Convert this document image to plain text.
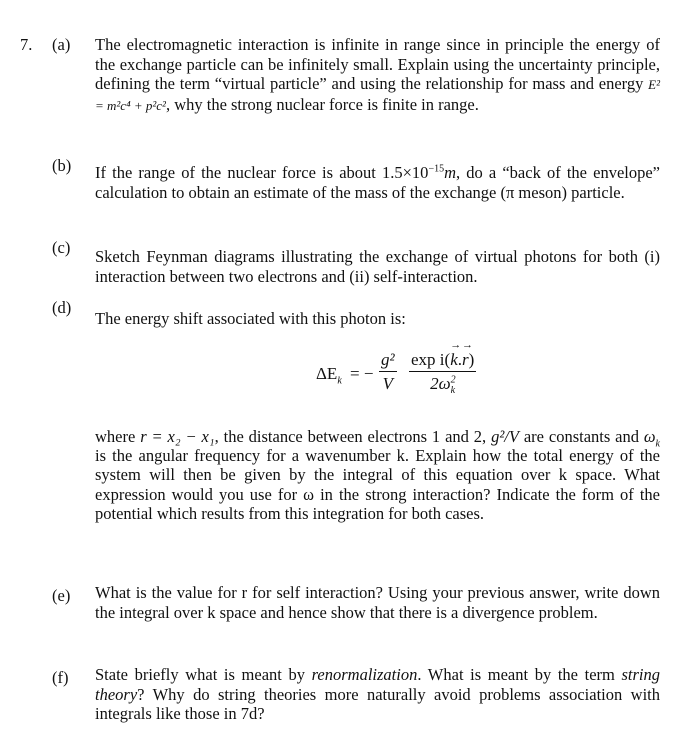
7. (a) The electromagnetic interaction is infinite in range since in principle the energy of the exchange particle can be infinitely small. Explain using the uncertainty principle, defining the term “virtual particle” and using the relationship for mass and energy E² = m²c⁴ + p²c², why the strong nuclear force is finite in range.
(b) If the range of the nuclear force is about $1.5\times 10^{-15}m$, do a “back of the envelope” calculation to obtain an estimate of the mass of the exchange (π meson) particle.
(c) Sketch Feynman diagrams illustrating the exchange of virtual photons for both (i) interaction between two electrons and (ii) self-interaction.
(d)
The energy shift associated with this photon is:
$\Delta E_k$ = − $\frac{\text{g²}}{V} \frac{\text{exp i(k →.r →)}}{2\omega^2_k}$
where r = x₂ − x₁, the distance between electrons 1 and 2, g²/V are constants and $\omega_k$ is the angular frequency for a wavenumber k. Explain how the total energy of the system will then be given by the integral of this equation over k space. What expression would you use for ω in the strong interaction? Indicate the form of the potential which results from this integration for both cases.
(e) What is the value for r for self interaction? Using your previous answer, write down the integral over k space and hence show that there is a divergence problem.
(f) State briefly what is meant by renormalization. What is meant by the term string theory? Why do string theories more naturally avoid problems association with integrals like those in 7d?
